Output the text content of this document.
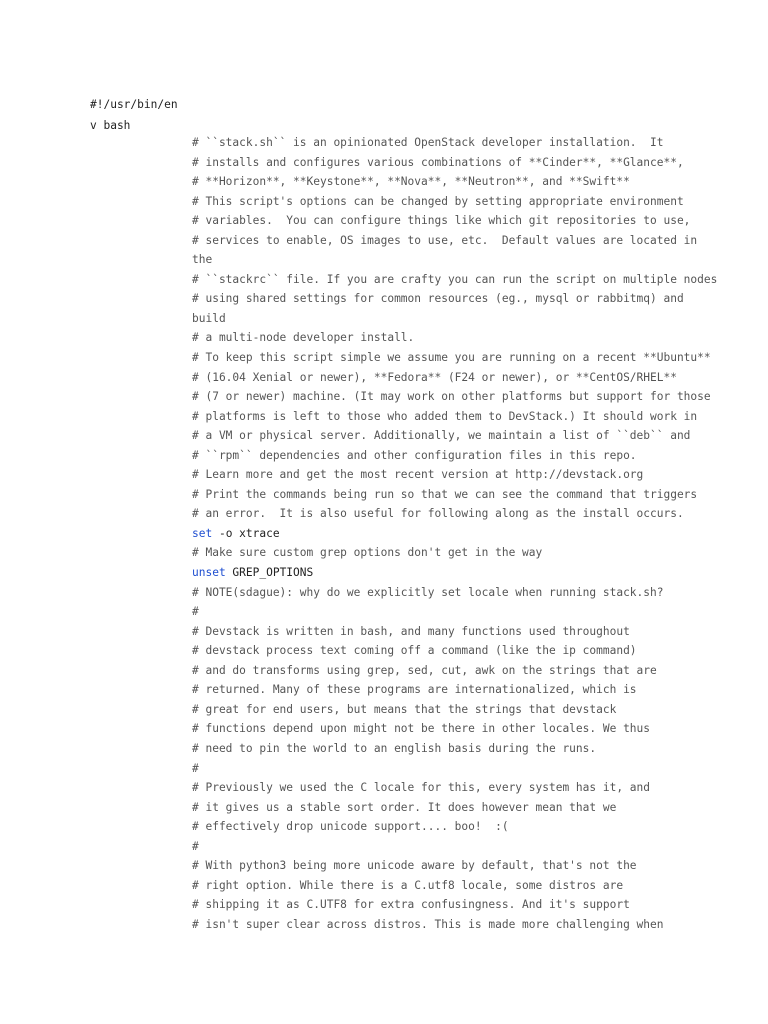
#!/usr/bin/en
v bash
# ``stack.sh`` is an opinionated OpenStack developer installation.  It
# installs and configures various combinations of **Cinder**, **Glance**,
# **Horizon**, **Keystone**, **Nova**, **Neutron**, and **Swift**
# This script's options can be changed by setting appropriate environment
# variables.  You can configure things like which git repositories to use,
# services to enable, OS images to use, etc.  Default values are located in
the
# ``stackrc`` file. If you are crafty you can run the script on multiple nodes
# using shared settings for common resources (eg., mysql or rabbitmq) and
build
# a multi-node developer install.
# To keep this script simple we assume you are running on a recent **Ubuntu**
# (16.04 Xenial or newer), **Fedora** (F24 or newer), or **CentOS/RHEL**
# (7 or newer) machine. (It may work on other platforms but support for those
# platforms is left to those who added them to DevStack.) It should work in
# a VM or physical server. Additionally, we maintain a list of ``deb`` and
# ``rpm`` dependencies and other configuration files in this repo.
# Learn more and get the most recent version at http://devstack.org
# Print the commands being run so that we can see the command that triggers
# an error.  It is also useful for following along as the install occurs.
set -o xtrace
# Make sure custom grep options don't get in the way
unset GREP_OPTIONS
# NOTE(sdague): why do we explicitly set locale when running stack.sh?
#
# Devstack is written in bash, and many functions used throughout
# devstack process text coming off a command (like the ip command)
# and do transforms using grep, sed, cut, awk on the strings that are
# returned. Many of these programs are internationalized, which is
# great for end users, but means that the strings that devstack
# functions depend upon might not be there in other locales. We thus
# need to pin the world to an english basis during the runs.
#
# Previously we used the C locale for this, every system has it, and
# it gives us a stable sort order. It does however mean that we
# effectively drop unicode support.... boo!  :(
#
# With python3 being more unicode aware by default, that's not the
# right option. While there is a C.utf8 locale, some distros are
# shipping it as C.UTF8 for extra confusingness. And it's support
# isn't super clear across distros. This is made more challenging when
